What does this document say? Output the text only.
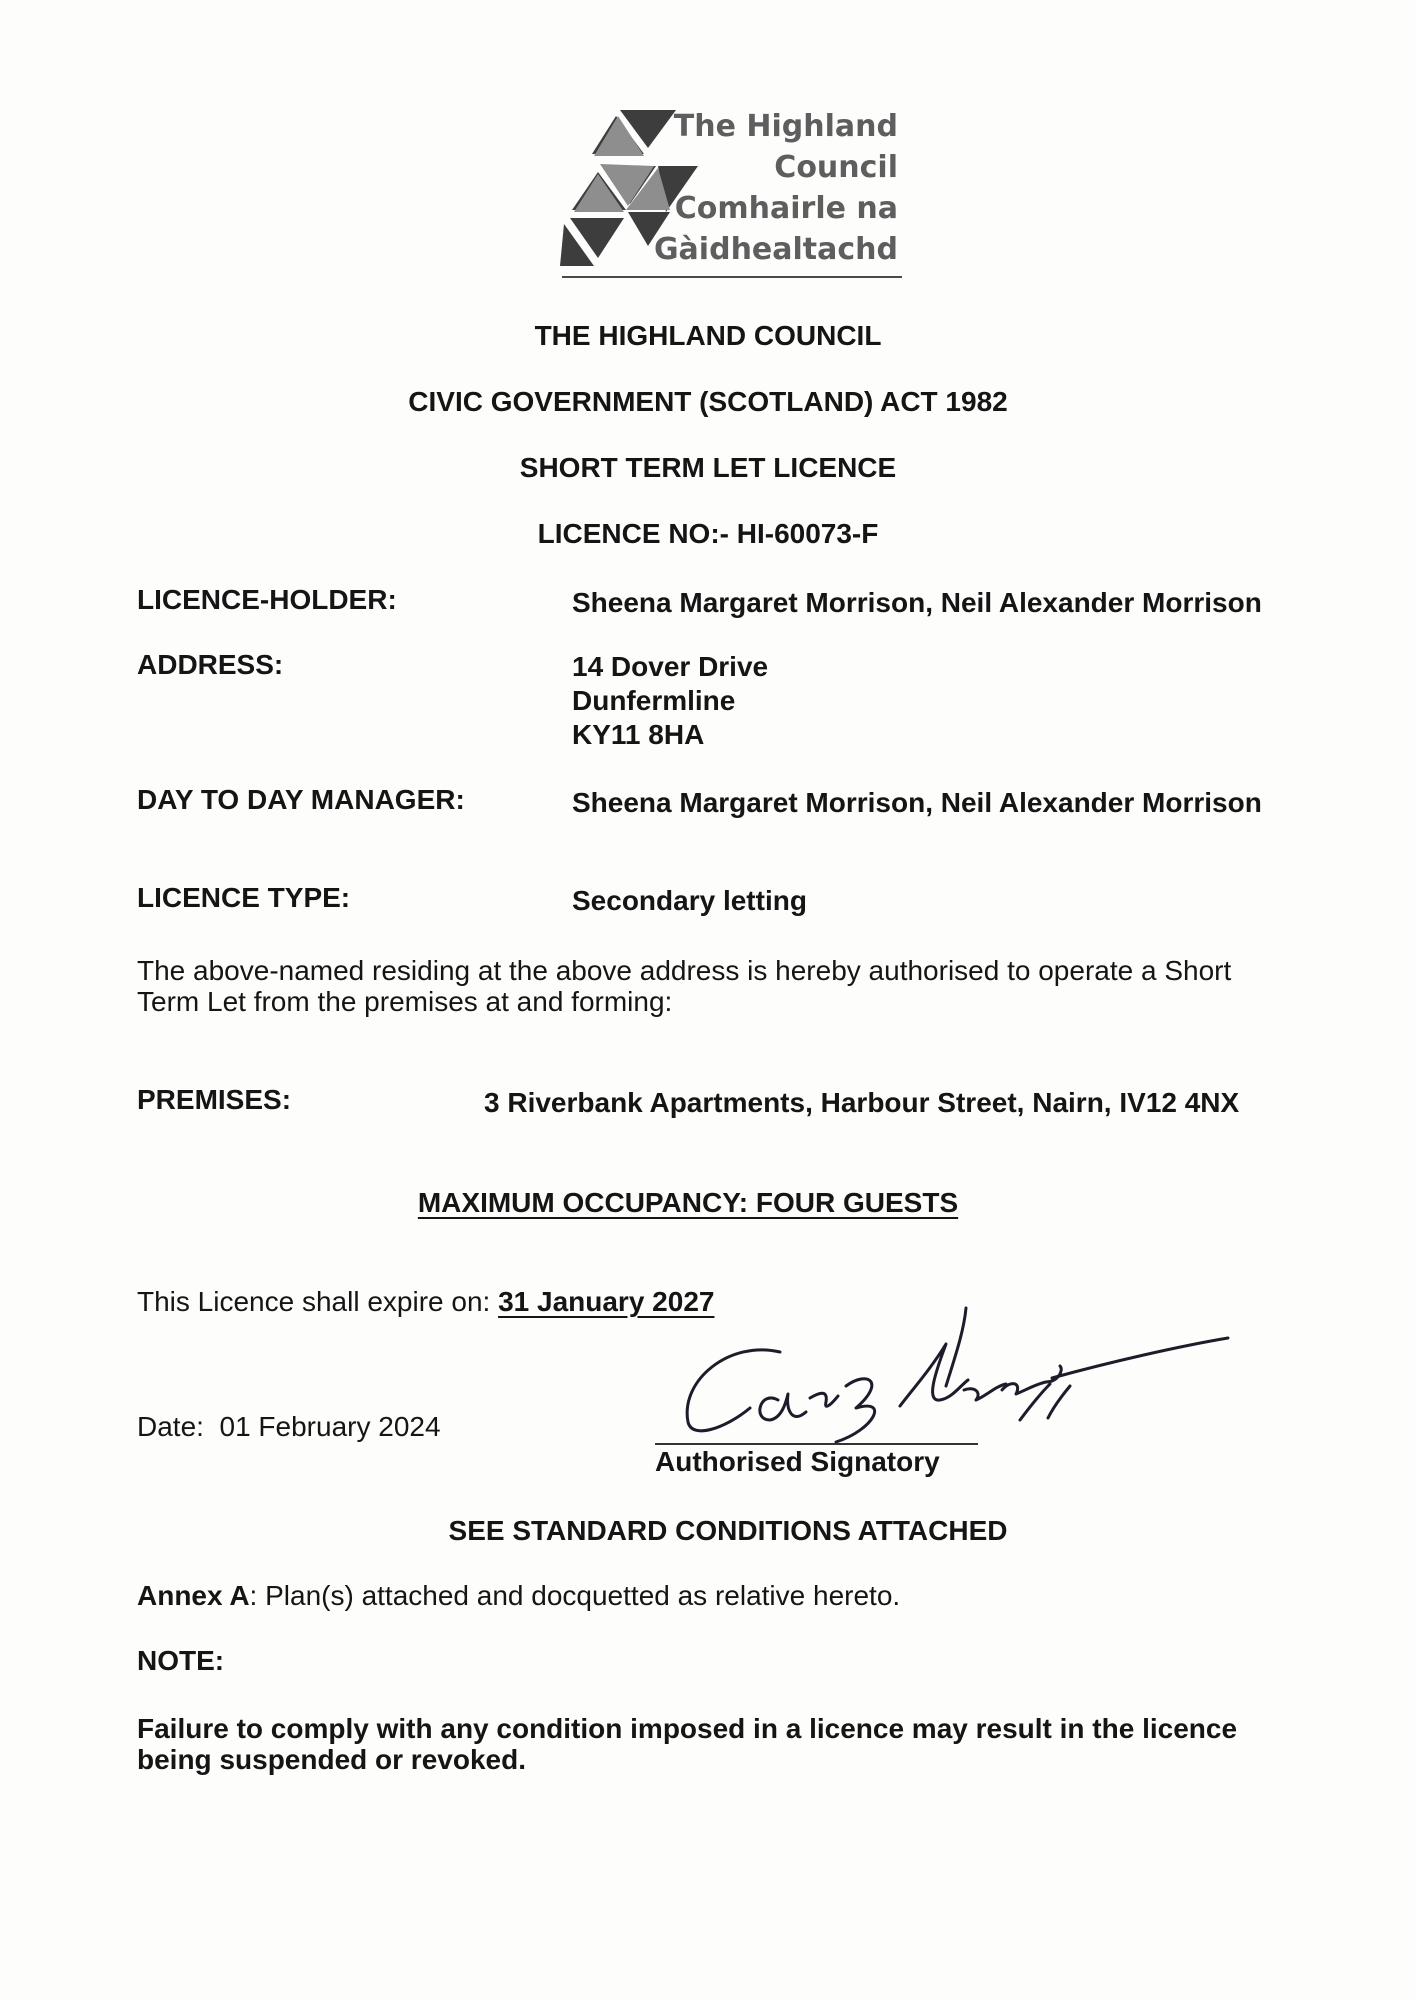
The Highland
Council
Comhairle na
Gàidhealtachd
THE HIGHLAND COUNCIL
CIVIC GOVERNMENT (SCOTLAND) ACT 1982
SHORT TERM LET LICENCE
LICENCE NO:- HI-60073-F
LICENCE-HOLDER:	Sheena Margaret Morrison, Neil Alexander Morrison
ADDRESS:	14 Dover Drive
Dunfermline
KY11 8HA
DAY TO DAY MANAGER:	Sheena Margaret Morrison, Neil Alexander Morrison
LICENCE TYPE:	Secondary letting
The above-named residing at the above address is hereby authorised to operate a Short Term Let from the premises at and forming:
PREMISES:	3 Riverbank Apartments, Harbour Street, Nairn, IV12 4NX
MAXIMUM OCCUPANCY: FOUR GUESTS
This Licence shall expire on: 31 January 2027
Date: 01 February 2024
Authorised Signatory
SEE STANDARD CONDITIONS ATTACHED
Annex A: Plan(s) attached and docquetted as relative hereto.
NOTE:
Failure to comply with any condition imposed in a licence may result in the licence being suspended or revoked.
